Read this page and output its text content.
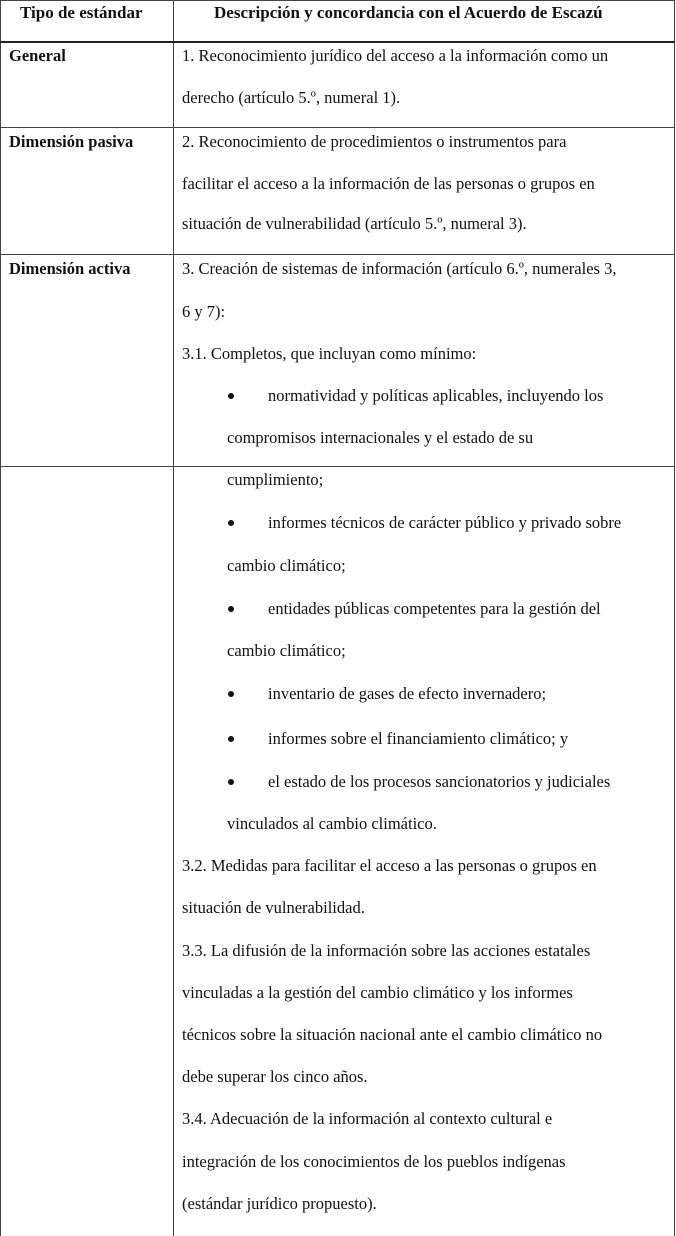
Tipo de estándar	Descripción y concordancia con el Acuerdo de Escazú
General	1. Reconocimiento jurídico del acceso a la información como un
derecho (artículo 5.º, numeral 1).
Dimensión pasiva	2. Reconocimiento de procedimientos o instrumentos para
facilitar el acceso a la información de las personas o grupos en
situación de vulnerabilidad (artículo 5.º, numeral 3).
Dimensión activa	3. Creación de sistemas de información (artículo 6.º, numerales 3,
6 y 7):
3.1. Completos, que incluyan como mínimo:
normatividad y políticas aplicables, incluyendo los
compromisos internacionales y el estado de su
cumplimiento;
informes técnicos de carácter público y privado sobre
cambio climático;
entidades públicas competentes para la gestión del
cambio climático;
inventario de gases de efecto invernadero;
informes sobre el financiamiento climático; y
el estado de los procesos sancionatorios y judiciales
vinculados al cambio climático.
3.2. Medidas para facilitar el acceso a las personas o grupos en
situación de vulnerabilidad.
3.3. La difusión de la información sobre las acciones estatales
vinculadas a la gestión del cambio climático y los informes
técnicos sobre la situación nacional ante el cambio climático no
debe superar los cinco años.
3.4. Adecuación de la información al contexto cultural e
integración de los conocimientos de los pueblos indígenas
(estándar jurídico propuesto).
